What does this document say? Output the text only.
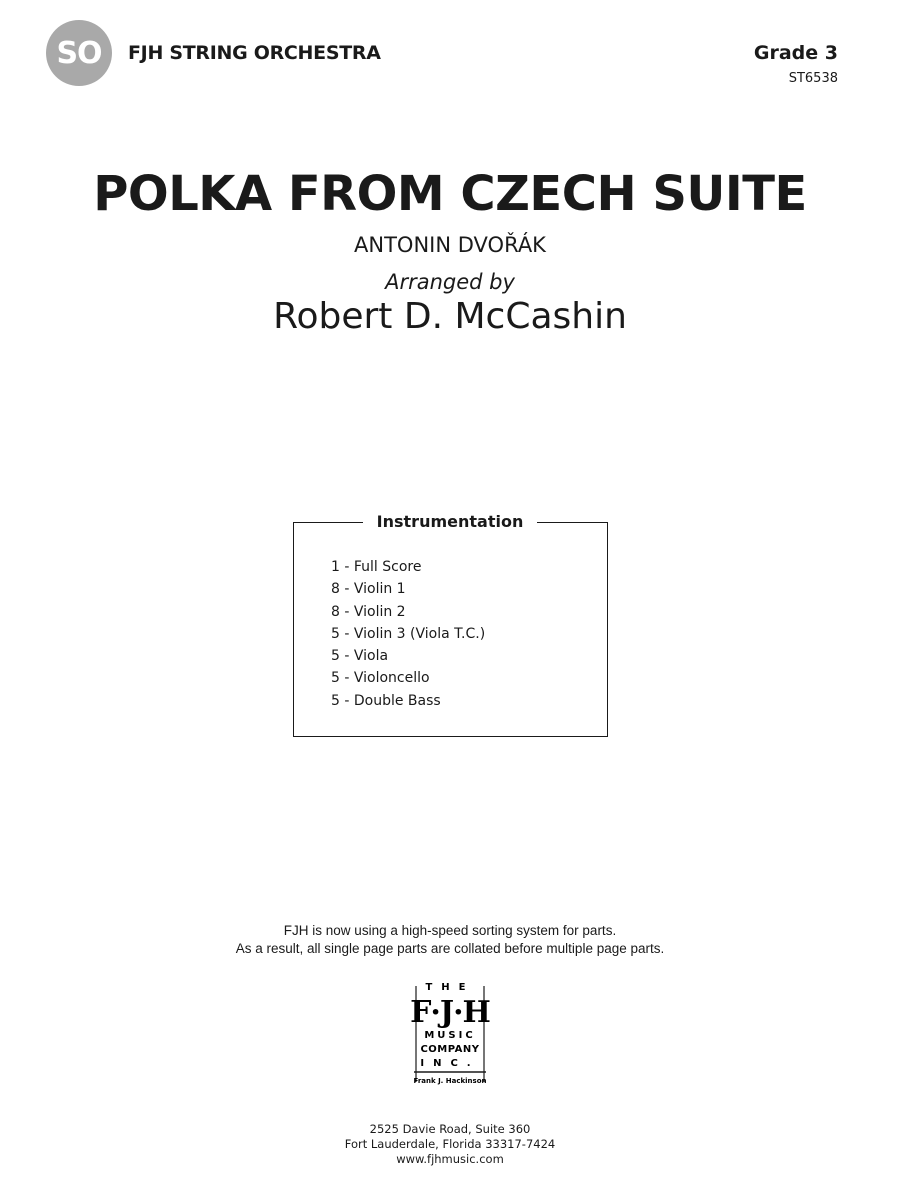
SO FJH STRING ORCHESTRA	Grade 3
ST6538
POLKA FROM CZECH SUITE
ANTONIN DVOŘÁK
Arranged by
Robert D. McCashin
Instrumentation
1 - Full Score
8 - Violin 1
8 - Violin 2
5 - Violin 3 (Viola T.C.)
5 - Viola
5 - Violoncello
5 - Double Bass
FJH is now using a high-speed sorting system for parts.
As a result, all single page parts are collated before multiple page parts.
THE
F·J·H
MUSIC
COMPANY
INC.
Frank J. Hackinson
2525 Davie Road, Suite 360
Fort Lauderdale, Florida 33317-7424
www.fjhmusic.com
